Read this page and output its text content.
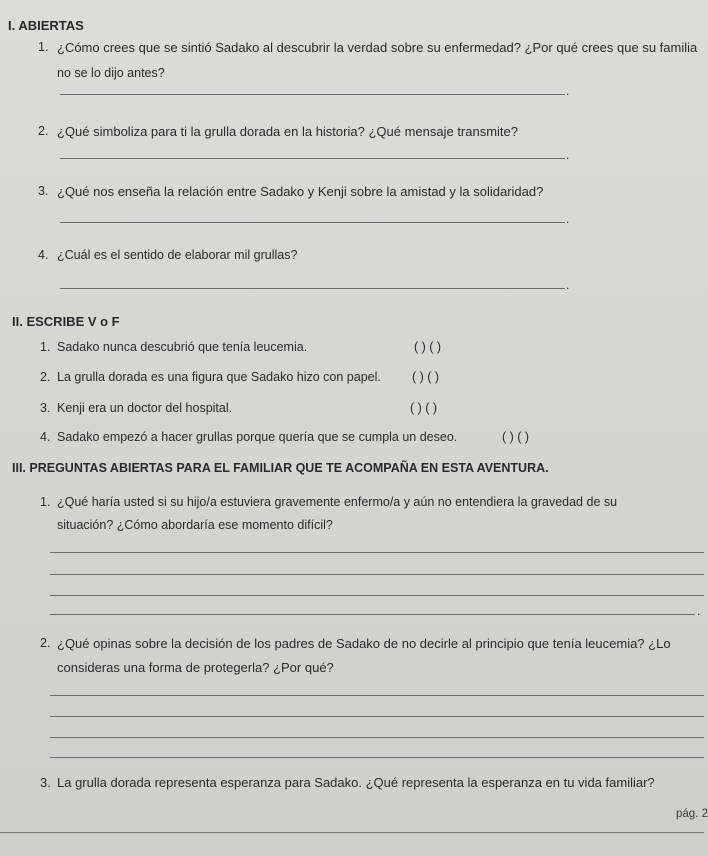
I. ABIERTAS
1. ¿Cómo crees que se sintió Sadako al descubrir la verdad sobre su enfermedad? ¿Por qué crees que su familia
no se lo dijo antes?
.
2. ¿Qué simboliza para ti la grulla dorada en la historia? ¿Qué mensaje transmite?
.
3. ¿Qué nos enseña la relación entre Sadako y Kenji sobre la amistad y la solidaridad?
.
4. ¿Cuál es el sentido de elaborar mil grullas?
.
II. ESCRIBE V o F
1. Sadako nunca descubrió que tenía leucemia.	( ) ( )
2. La grulla dorada es una figura que Sadako hizo con papel. ( ) ( )
3. Kenji era un doctor del hospital.	( ) ( )
4. Sadako empezó a hacer grullas porque quería que se cumpla un deseo.	( ) ( )
III. PREGUNTAS ABIERTAS PARA EL FAMILIAR QUE TE ACOMPAÑA EN ESTA AVENTURA.
1. ¿Qué haría usted si su hijo/a estuviera gravemente enfermo/a y aún no entendiera la gravedad de su
situación? ¿Cómo abordaría ese momento difícil?
.
2. ¿Qué opinas sobre la decisión de los padres de Sadako de no decirle al principio que tenía leucemia? ¿Lo
consideras una forma de protegerla? ¿Por qué?
3. La grulla dorada representa esperanza para Sadako. ¿Qué representa la esperanza en tu vida familiar?
pág. 2
